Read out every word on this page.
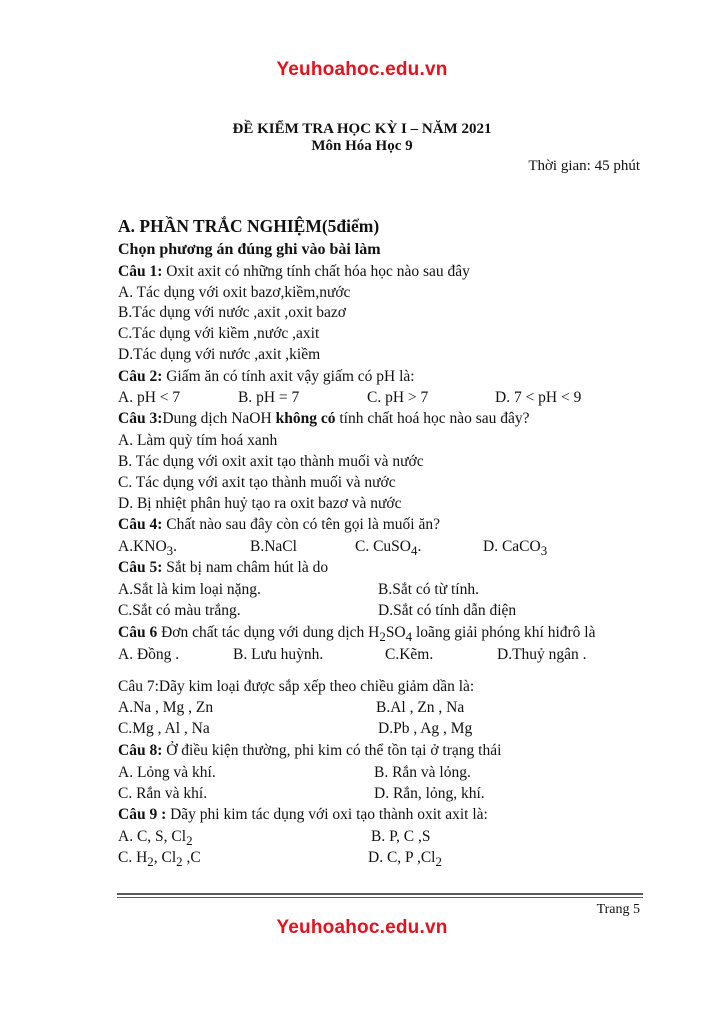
Yeuhoahoc.edu.vn
ĐỀ KIỂM TRA HỌC KỲ I – NĂM 2021
Môn Hóa Học 9
Thời gian: 45 phút
A. PHẦN TRẮC NGHIỆM(5điểm)
Chọn phương án đúng ghi vào bài làm
Câu 1: Oxit axit có những tính chất hóa học nào sau đây
A. Tác dụng với oxit bazơ,kiềm,nước
B.Tác dụng với nước ,axit ,oxit bazơ
C.Tác dụng với kiềm ,nước ,axit
D.Tác dụng với nước ,axit ,kiềm
Câu 2: Giấm ăn có tính axit vậy giấm có pH là:
A. pH < 7	B. pH = 7	C. pH > 7	D. 7 < pH < 9
Câu 3:Dung dịch NaOH không có tính chất hoá học nào sau đây?
A. Làm quỳ tím hoá xanh
B. Tác dụng với oxit axit tạo thành muối và nước
C. Tác dụng với axit tạo thành muối và nước
D. Bị nhiệt phân huỷ tạo ra oxit bazơ và nước
Câu 4: Chất nào sau đây còn có tên gọi là muối ăn?
$A.KNO_3$.	B.NaCl	C. CuSO$_4$.	D. CaCO$_3$
Câu 5: Sắt bị nam châm hút là do
A.Sắt là kim loại nặng.	B.Sắt có từ tính.
C.Sắt có màu trắng.	D.Sắt có tính dẫn điện
Câu 6 Đơn chất tác dụng với dung dịch $H_2SO_4$ loãng giải phóng khí hiđrô là
A. Đồng .	B. Lưu huỳnh.	C.Kẽm.	D.Thuỷ ngân .
Câu 7:Dãy kim loại được sắp xếp theo chiều giảm dần là:
A.Na , Mg , Zn	B.Al , Zn , Na
C.Mg , Al , Na	D.Pb , Ag , Mg
Câu 8: Ở điều kiện thường, phi kim có thể tồn tại ở trạng thái
A. Lỏng và khí.	B. Rắn và lỏng.
C. Rắn và khí.	D. Rắn, lỏng, khí.
Câu 9 : Dãy phi kim tác dụng với oxi tạo thành oxit axit là:
A. C, S, $Cl_2$	B. P, C ,S
C. $H_2$, $Cl_2$ ,C	D. C, P $,Cl_2$
Trang 5
Yeuhoahoc.edu.vn
